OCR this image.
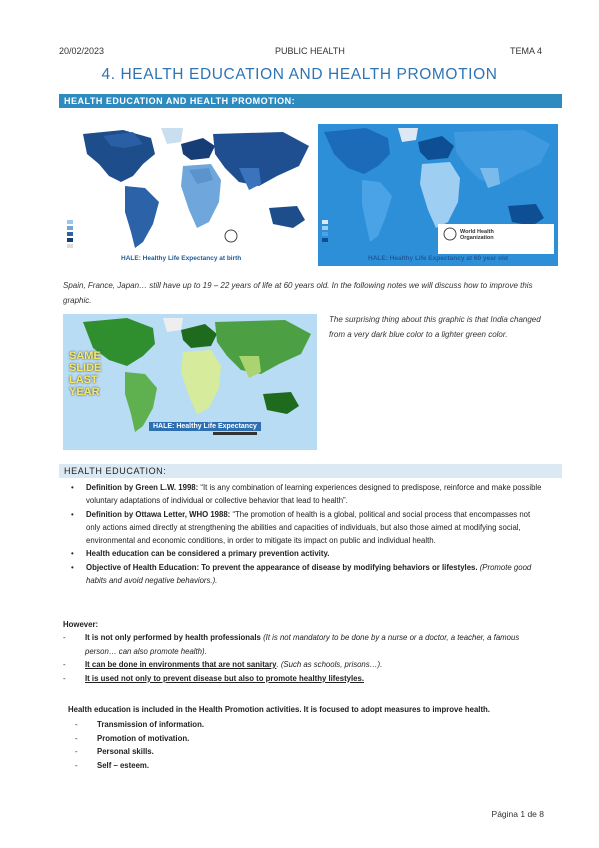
20/02/2023	PUBLIC HEALTH	TEMA 4
4. HEALTH EDUCATION AND HEALTH PROMOTION
HEALTH EDUCATION AND HEALTH PROMOTION:
HALE: Healthy Life Expectancy at birth
World Health Organization
HALE: Healthy Life Expectancy at 60 year old
Spain, France, Japan… still have up to 19 – 22 years of life at 60 years old. In the following notes we will discuss how to improve this graphic.
SAME
SLIDE
LAST
YEAR
HALE: Healthy Life Expectancy
The surprising thing about this graphic is that India changed from a very dark blue color to a lighter green color.
HEALTH EDUCATION:
• Definition by Green L.W. 1998: “It is any combination of learning experiences designed to predispose, reinforce and make possible voluntary adaptations of individual or collective behavior that lead to health”.
• Definition by Ottawa Letter, WHO 1988: “The promotion of health is a global, political and social process that encompasses not only actions aimed directly at strengthening the abilities and capacities of individuals, but also those aimed at modifying social, environmental and economic conditions, in order to mitigate its impact on public and individual health.
• Health education can be considered a primary prevention activity.
• Objective of Health Education: To prevent the appearance of disease by modifying behaviors or lifestyles. (Promote good habits and avoid negative behaviors.).
However:
- It is not only performed by health professionals (It is not mandatory to be done by a nurse or a doctor, a teacher, a famous person… can also promote health).
- It can be done in environments that are not sanitary. (Such as schools, prisons…).
- It is used not only to prevent disease but also to promote healthy lifestyles.
Health education is included in the Health Promotion activities. It is focused to adopt measures to improve health.
- Transmission of information.
- Promotion of motivation.
- Personal skills.
- Self – esteem.
Página 1 de 8
